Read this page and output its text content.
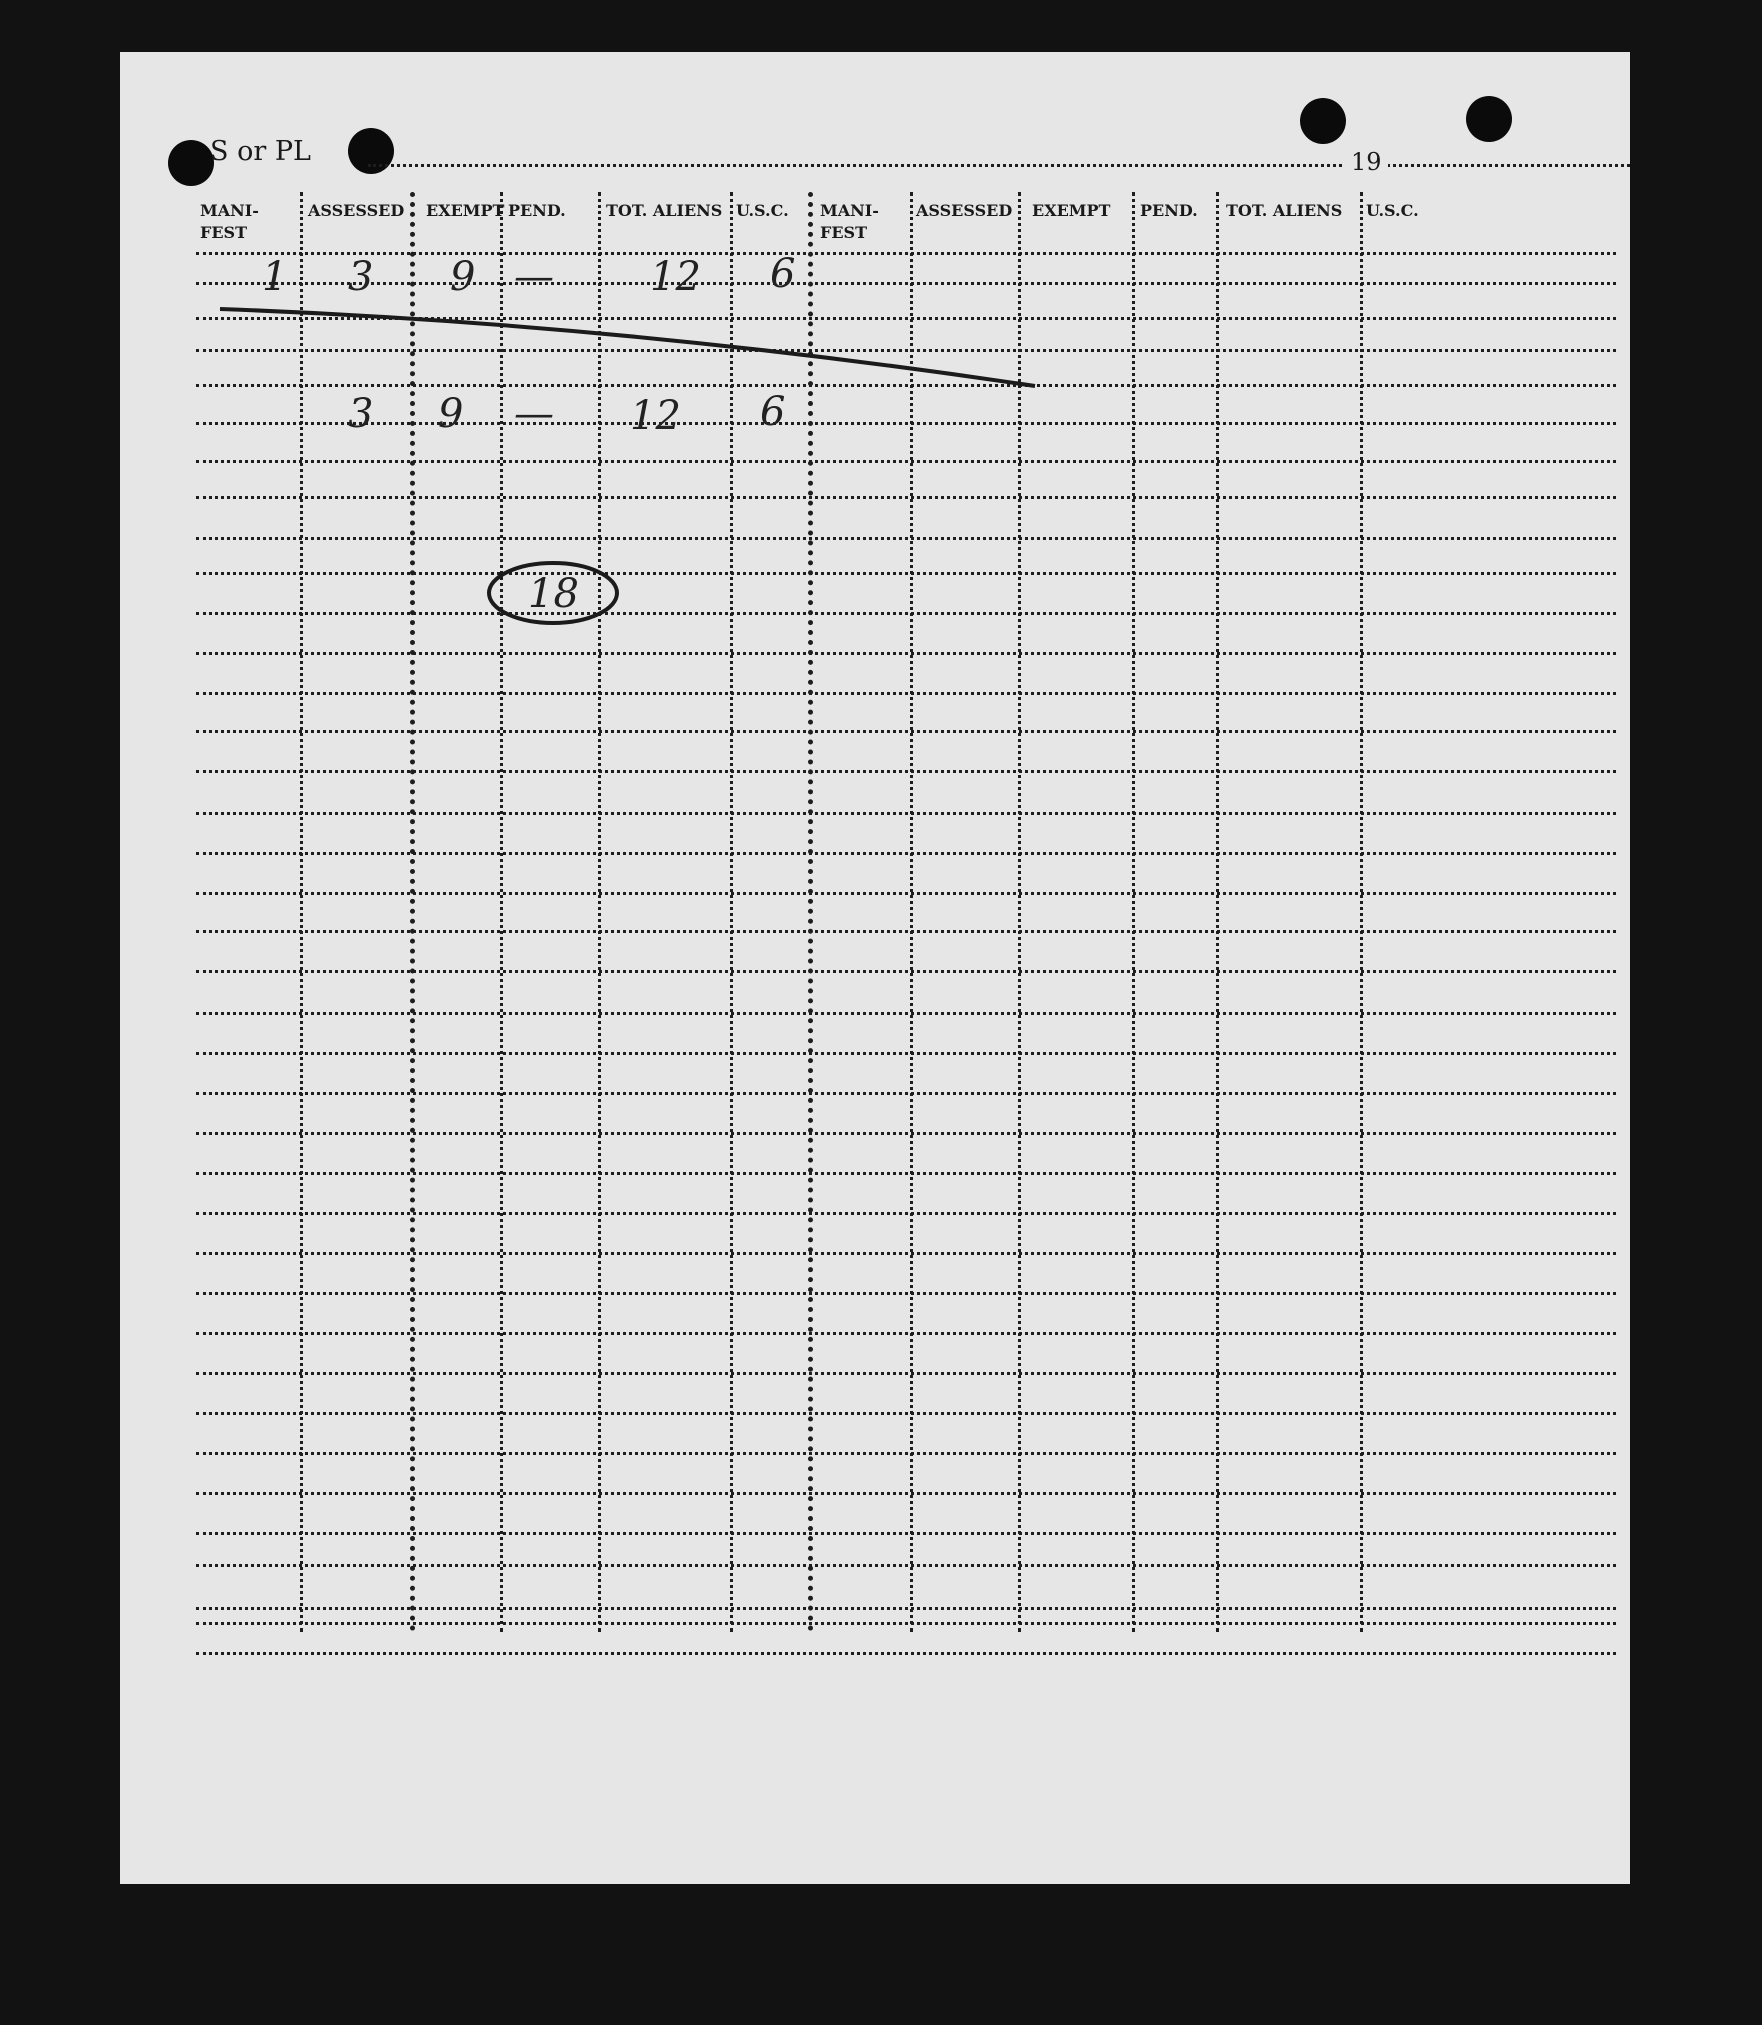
S or PL	19
MANI-
FEST
ASSESSED EXEMPT PEND.	TOT. ALIENS U.S.C. MANI-
FEST
ASSESSED EXEMPT PEND. TOT. ALIENS U.S.C.
1 3 9 — 12 6
3 9 — 12 6
18
